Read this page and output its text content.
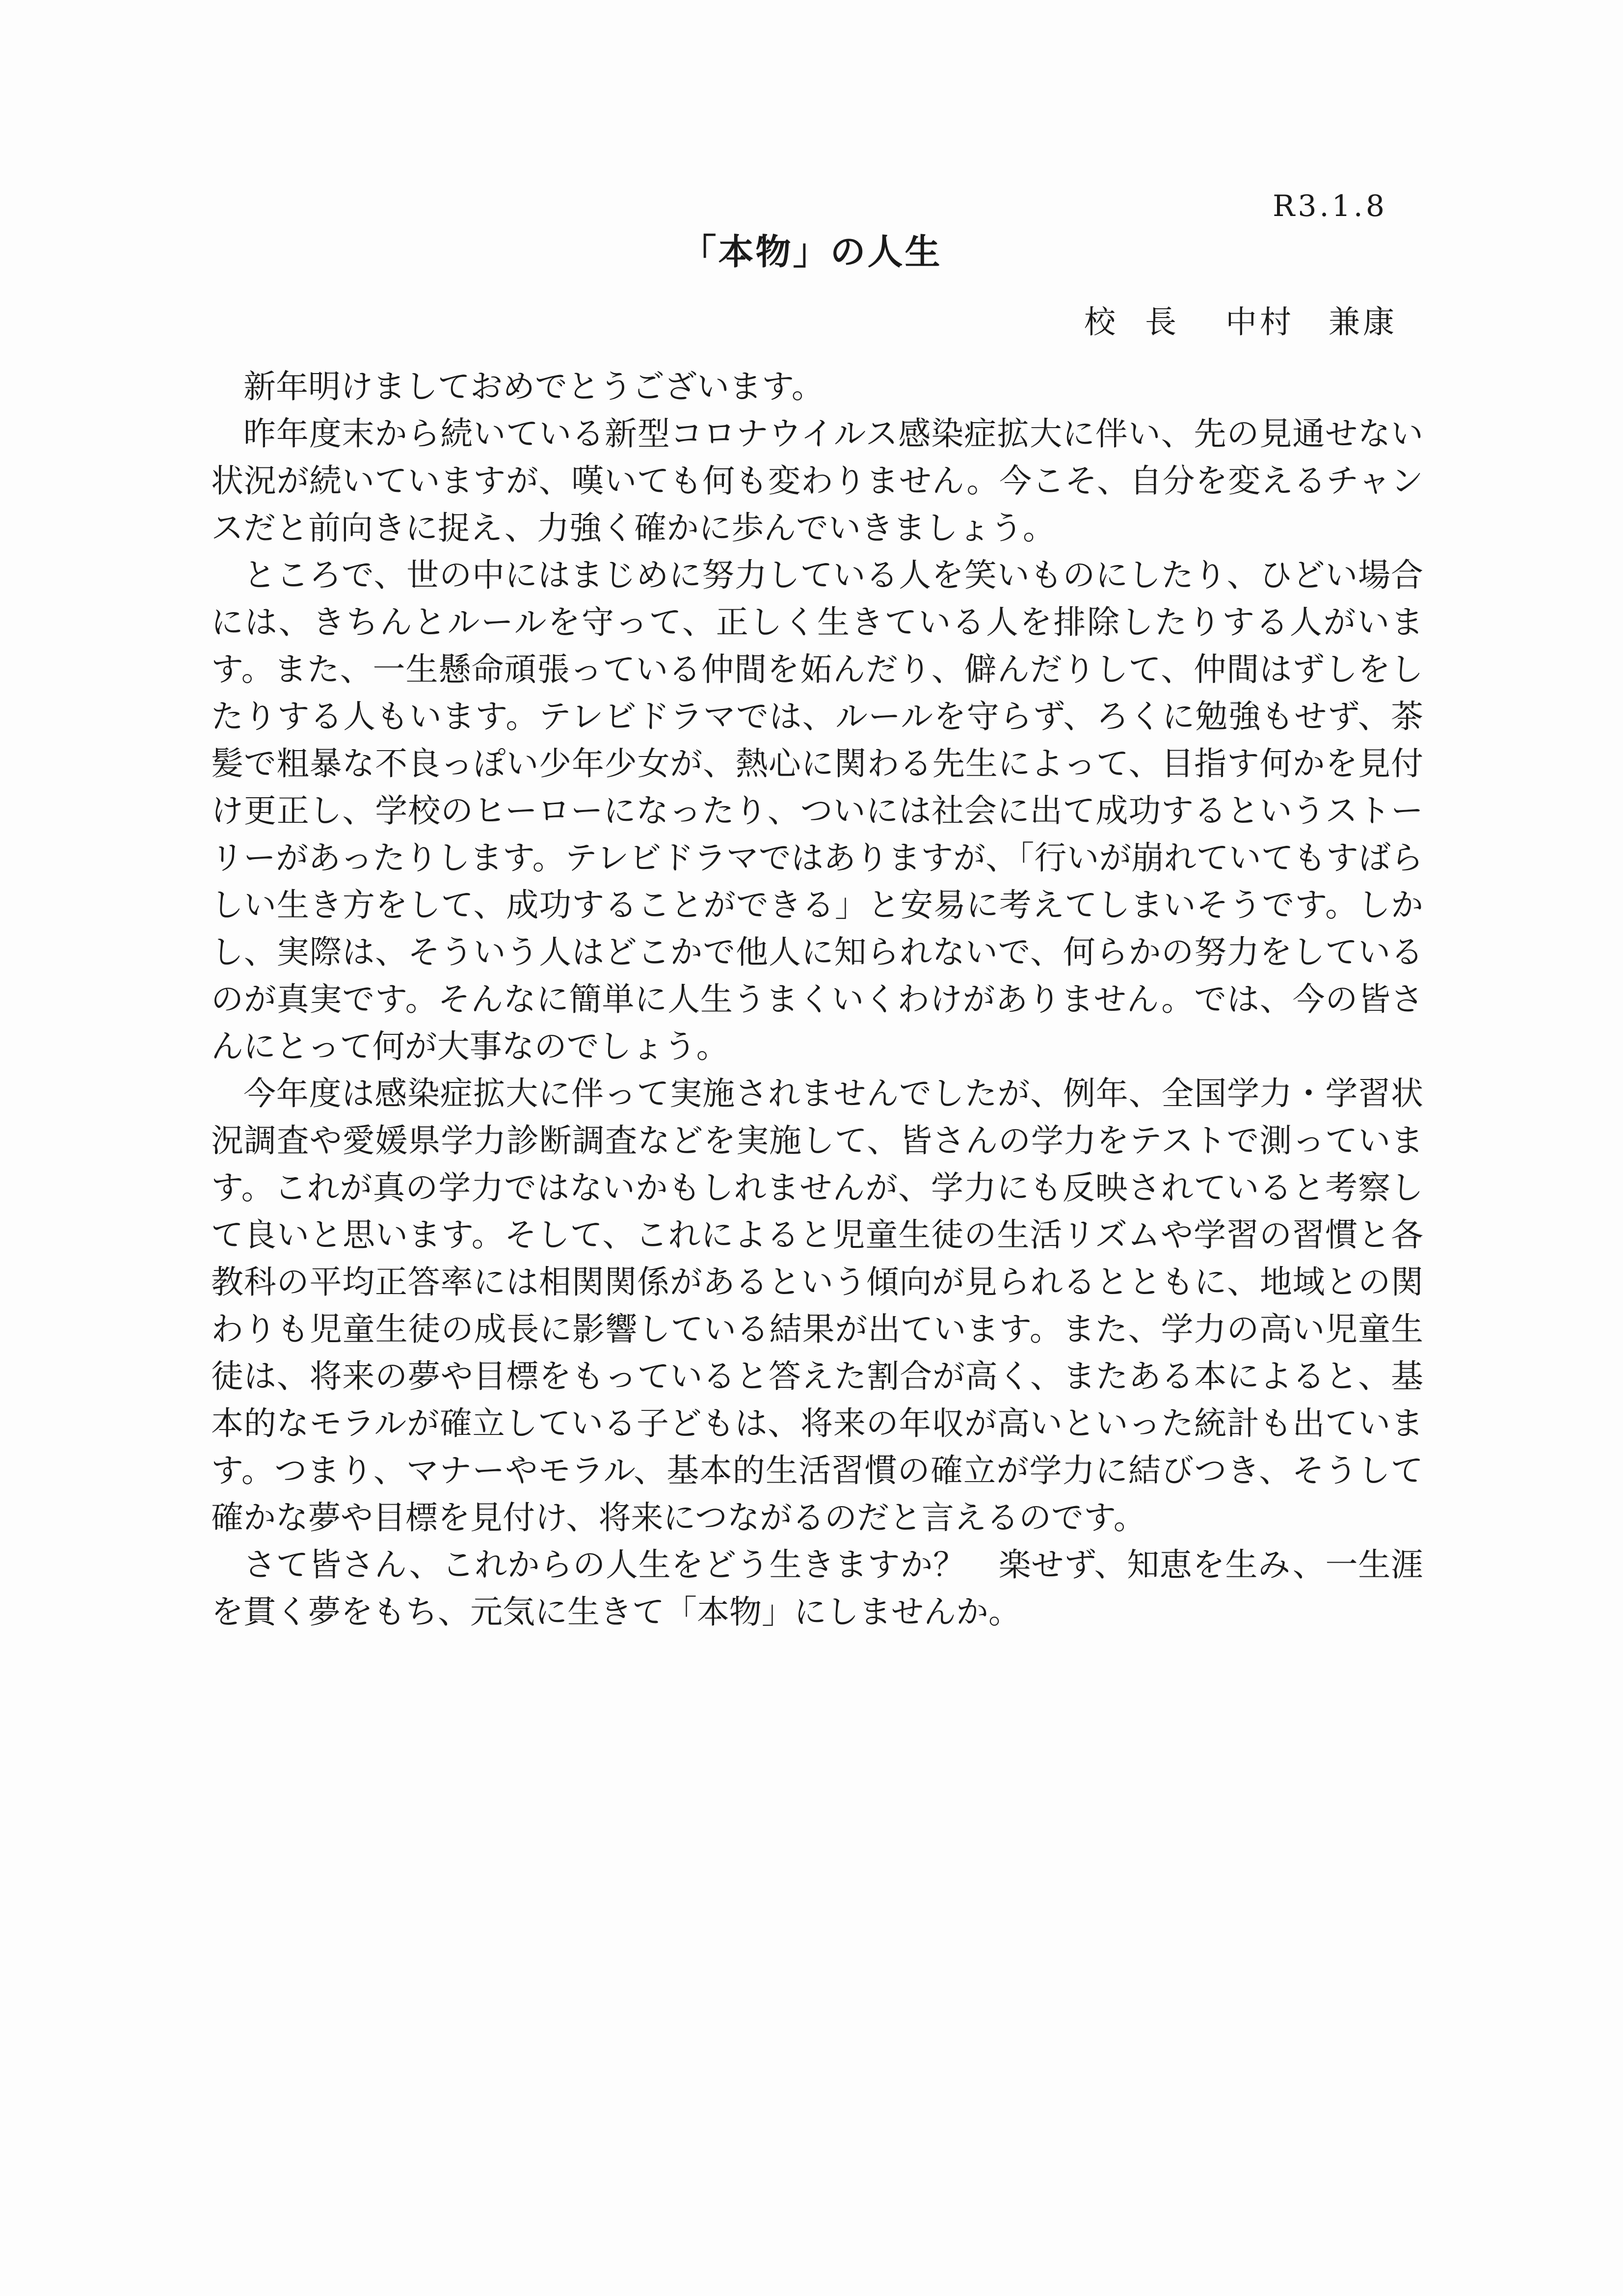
R3.1.8
「本物」の人生
校長 中村　兼康

新年明けましておめでとうございます。

昨年度末から続いている新型コロナウイルス感染症拡大に伴い、先の見通せない状況が続いていますが、嘆いても何も変わりません。今こそ、自分を変えるチャンスだと前向きに捉え、力強く確かに歩んでいきましょう。

ところで、世の中にはまじめに努力している人を笑いものにしたり、ひどい場合には、きちんとルールを守って、正しく生きている人を排除したりする人がいます。また、一生懸命頑張っている仲間を妬んだり、僻んだりして、仲間はずしをしたりする人もいます。テレビドラマでは、ルールを守らず、ろくに勉強もせず、茶髪で粗暴な不良っぽい少年少女が、熱心に関わる先生によって、目指す何かを見付け更正し、学校のヒーローになったり、ついには社会に出て成功するというストーリーがあったりします。テレビドラマではありますが、「行いが崩れていてもすばらしい生き方をして、成功することができる」と安易に考えてしまいそうです。しかし、実際は、そういう人はどこかで他人に知られないで、何らかの努力をしているのが真実です。そんなに簡単に人生うまくいくわけがありません。では、今の皆さんにとって何が大事なのでしょう。

今年度は感染症拡大に伴って実施されませんでしたが、例年、全国学力・学習状況調査や愛媛県学力診断調査などを実施して、皆さんの学力をテストで測っています。これが真の学力ではないかもしれませんが、学力にも反映されていると考察して良いと思います。そして、これによると児童生徒の生活リズムや学習の習慣と各教科の平均正答率には相関関係があるという傾向が見られるとともに、地域との関わりも児童生徒の成長に影響している結果が出ています。また、学力の高い児童生徒は、将来の夢や目標をもっていると答えた割合が高く、またある本によると、基本的なモラルが確立している子どもは、将来の年収が高いといった統計も出ています。つまり、マナーやモラル、基本的生活習慣の確立が学力に結びつき、そうして確かな夢や目標を見付け、将来につながるのだと言えるのです。

さて皆さん、これからの人生をどう生きますか？　楽せず、知恵を生み、一生涯を貫く夢をもち、元気に生きて「本物」にしませんか。
